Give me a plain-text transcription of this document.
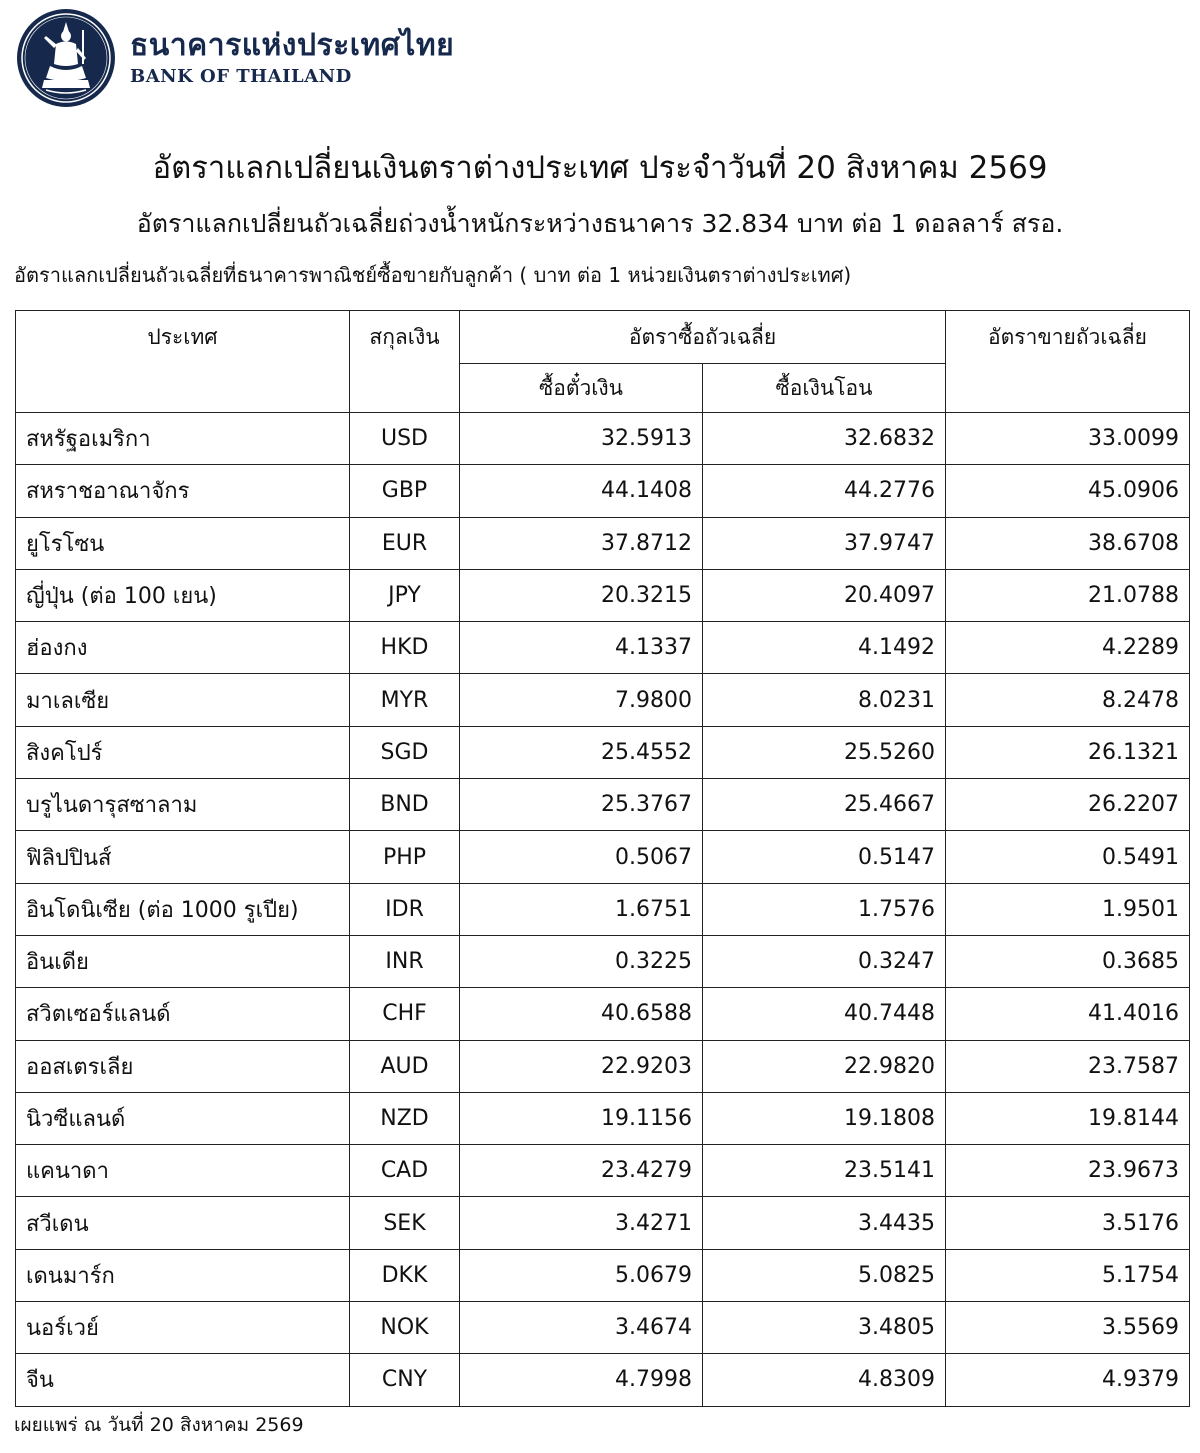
ธนาคารแห่งประเทศไทย
BANK OF THAILAND
อัตราแลกเปลี่ยนเงินตราต่างประเทศ ประจำวันที่ 20 สิงหาคม 2569
อัตราแลกเปลี่ยนถัวเฉลี่ยถ่วงน้ำหนักระหว่างธนาคาร 32.834 บาท ต่อ 1 ดอลลาร์ สรอ.
อัตราแลกเปลี่ยนถัวเฉลี่ยที่ธนาคารพาณิชย์ซื้อขายกับลูกค้า ( บาท ต่อ 1 หน่วยเงินตราต่างประเทศ)
ประเทศ	สกุลเงิน	อัตราซื้อถัวเฉลี่ย		อัตราขายถัวเฉลี่ย
		ซื้อตั๋วเงิน	ซื้อเงินโอน	
สหรัฐอเมริกา	USD	32.5913	32.6832	33.0099
สหราชอาณาจักร	GBP	44.1408	44.2776	45.0906
ยูโรโซน	EUR	37.8712	37.9747	38.6708
ญี่ปุ่น (ต่อ 100 เยน)	JPY	20.3215	20.4097	21.0788
ฮ่องกง	HKD	4.1337	4.1492	4.2289
มาเลเซีย	MYR	7.9800	8.0231	8.2478
สิงคโปร์	SGD	25.4552	25.5260	26.1321
บรูไนดารุสซาลาม	BND	25.3767	25.4667	26.2207
ฟิลิปปินส์	PHP	0.5067	0.5147	0.5491
อินโดนิเซีย (ต่อ 1000 รูเปีย)	IDR	1.6751	1.7576	1.9501
อินเดีย	INR	0.3225	0.3247	0.3685
สวิตเซอร์แลนด์	CHF	40.6588	40.7448	41.4016
ออสเตรเลีย	AUD	22.9203	22.9820	23.7587
นิวซีแลนด์	NZD	19.1156	19.1808	19.8144
แคนาดา	CAD	23.4279	23.5141	23.9673
สวีเดน	SEK	3.4271	3.4435	3.5176
เดนมาร์ก	DKK	5.0679	5.0825	5.1754
นอร์เวย์	NOK	3.4674	3.4805	3.5569
จีน	CNY	4.7998	4.8309	4.9379
เผยแพร่ ณ วันที่ 20 สิงหาคม 2569
